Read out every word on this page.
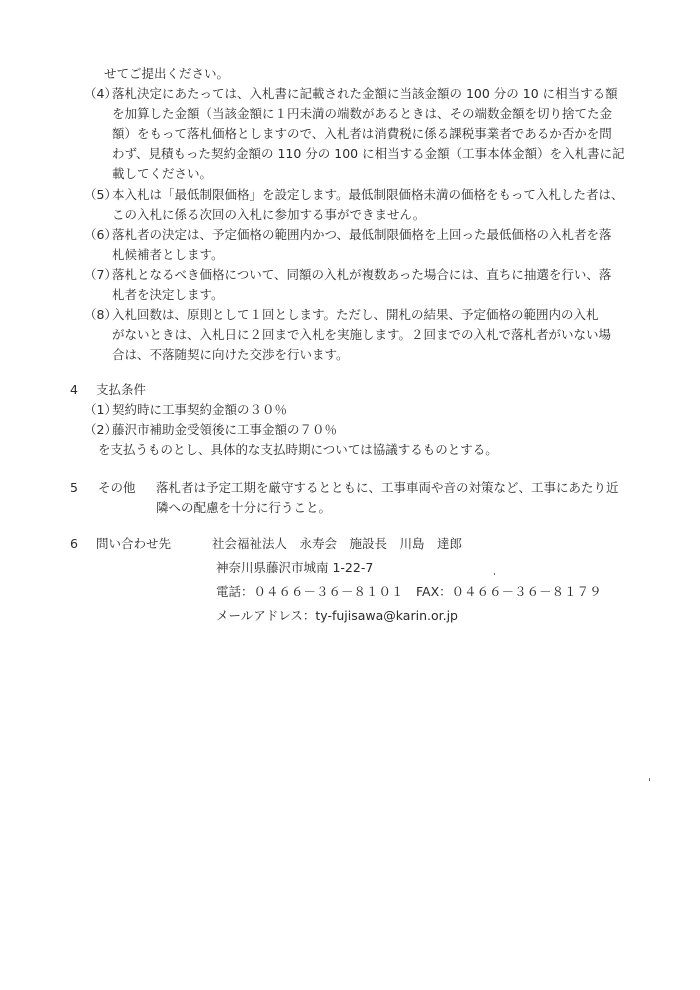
せてご提出ください。
（4）
落札決定にあたっては、入札書に記載された金額に当該金額の 100 分の 10 に相当する額
を加算した金額（当該金額に１円未満の端数があるときは、その端数金額を切り捨てた金
額）をもって落札価格としますので、入札者は消費税に係る課税事業者であるか否かを問
わず、見積もった契約金額の 110 分の 100 に相当する金額（工事本体金額）を入札書に記
載してください。
（5）
本入札は「最低制限価格」を設定します。最低制限価格未満の価格をもって入札した者は、
この入札に係る次回の入札に参加する事ができません。
（6）
落札者の決定は、予定価格の範囲内かつ、最低制限価格を上回った最低価格の入札者を落
札候補者とします。
（7）
落札となるべき価格について、同額の入札が複数あった場合には、直ちに抽選を行い、落
札者を決定します。
（8）
入札回数は、原則として１回とします。ただし、開札の結果、予定価格の範囲内の入札
がないときは、入札日に２回まで入札を実施します。２回までの入札で落札者がいない場
合は、不落随契に向けた交渉を行います。
4 支払条件
（1）
契約時に工事契約金額の３０％
（2）
藤沢市補助金受領後に工事金額の７０％
を支払うものとし、具体的な支払時期については協議するものとする。
5 その他 落札者は予定工期を厳守するとともに、工事車両や音の対策など、工事にあたり近
隣への配慮を十分に行うこと。
6 問い合わせ先	社会福祉法人　永寿会　施設長　川島　達郎
神奈川県藤沢市城南 1-22-7
電話：０４６６－３６－８１０１　FAX：０４６６－３６－８１７９
メールアドレス：ty-fujisawa@karin.or.jp
